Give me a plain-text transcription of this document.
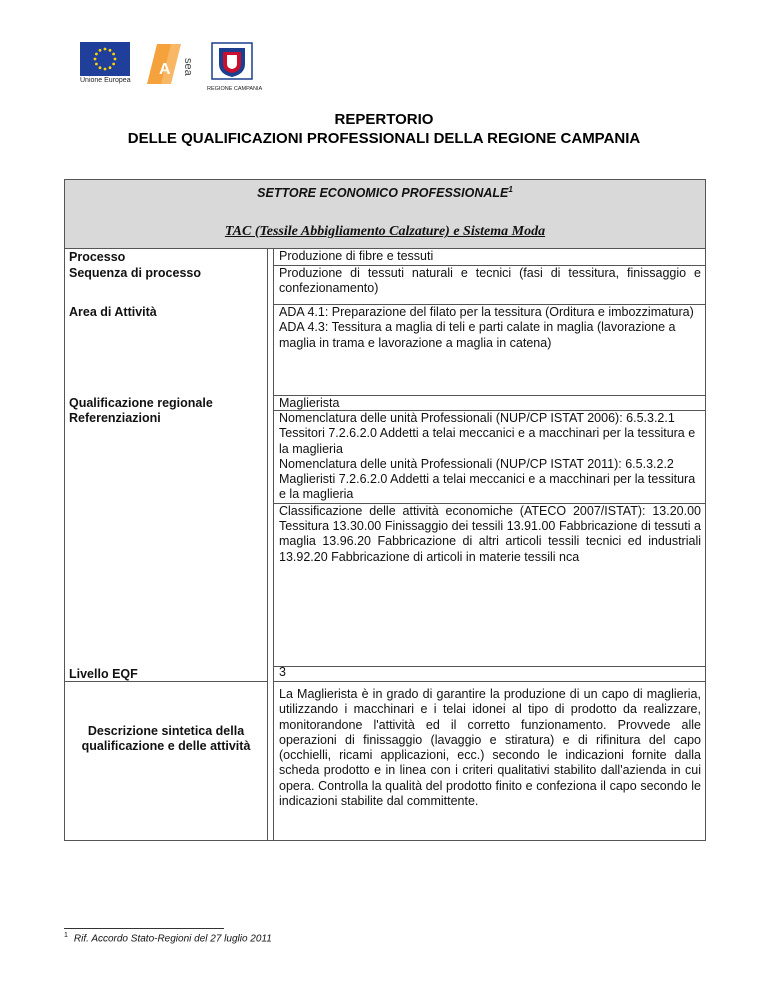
Unione Europea
A sea
REGIONE CAMPANIA
REPERTORIO
DELLE QUALIFICAZIONI PROFESSIONALI DELLA REGIONE CAMPANIA
SETTORE ECONOMICO PROFESSIONALE$^1$
TAC (Tessile Abbigliamento Calzature) e Sistema Moda
Processo
Sequenza di processo
Area di Attività
Qualificazione regionale
Referenziazioni
Livello EQF
Descrizione sintetica della
qualificazione e delle attività
Produzione di fibre e tessuti
Produzione di tessuti naturali e tecnici (fasi di tessitura, finissaggio e confezionamento)
ADA 4.1: Preparazione del filato per la tessitura (Orditura e imbozzimatura)
ADA 4.3: Tessitura a maglia di teli e parti calate in maglia (lavorazione a maglia in trama e lavorazione a maglia in catena)
Maglierista
Nomenclatura delle unità Professionali (NUP/CP ISTAT 2006): 6.5.3.2.1 Tessitori 7.2.6.2.0 Addetti a telai meccanici e a macchinari per la tessitura e la maglieria
Nomenclatura delle unità Professionali (NUP/CP ISTAT 2011): 6.5.3.2.2 Maglieristi 7.2.6.2.0 Addetti a telai meccanici e a macchinari per la tessitura e la maglieria
Classificazione delle attività economiche (ATECO 2007/ISTAT): 13.20.00 Tessitura 13.30.00 Finissaggio dei tessili 13.91.00 Fabbricazione di tessuti a maglia 13.96.20 Fabbricazione di altri articoli tessili tecnici ed industriali 13.92.20 Fabbricazione di articoli in materie tessili nca
3
La Maglierista è in grado di garantire la produzione di un capo di maglieria, utilizzando i macchinari e i telai idonei al tipo di prodotto da realizzare, monitorandone l'attività ed il corretto funzionamento. Provvede alle operazioni di finissaggio (lavaggio e stiratura) e di rifinitura del capo (occhielli, ricami applicazioni, ecc.) secondo le indicazioni fornite dalla scheda prodotto e in linea con i criteri qualitativi stabilito dall'azienda in cui opera. Controlla la qualità del prodotto finito e confeziona il capo secondo le indicazioni stabilite dal committente.
$^1$ Rif. Accordo Stato-Regioni del 27 luglio 2011
